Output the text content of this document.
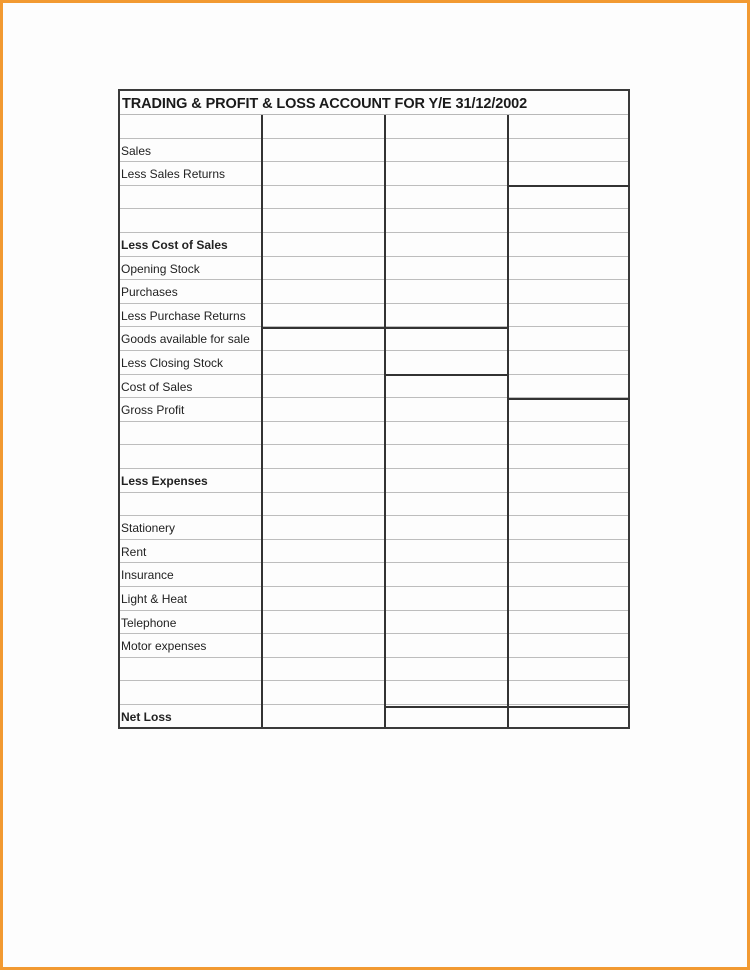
TRADING & PROFIT & LOSS ACCOUNT FOR Y/E 31/12/2002
Sales
Less Sales Returns
Less Cost of Sales
Opening Stock
Purchases
Less Purchase Returns
Goods available for sale
Less Closing Stock
Cost of Sales
Gross Profit
Less Expenses
Stationery
Rent
Insurance
Light & Heat
Telephone
Motor expenses
Net Loss
